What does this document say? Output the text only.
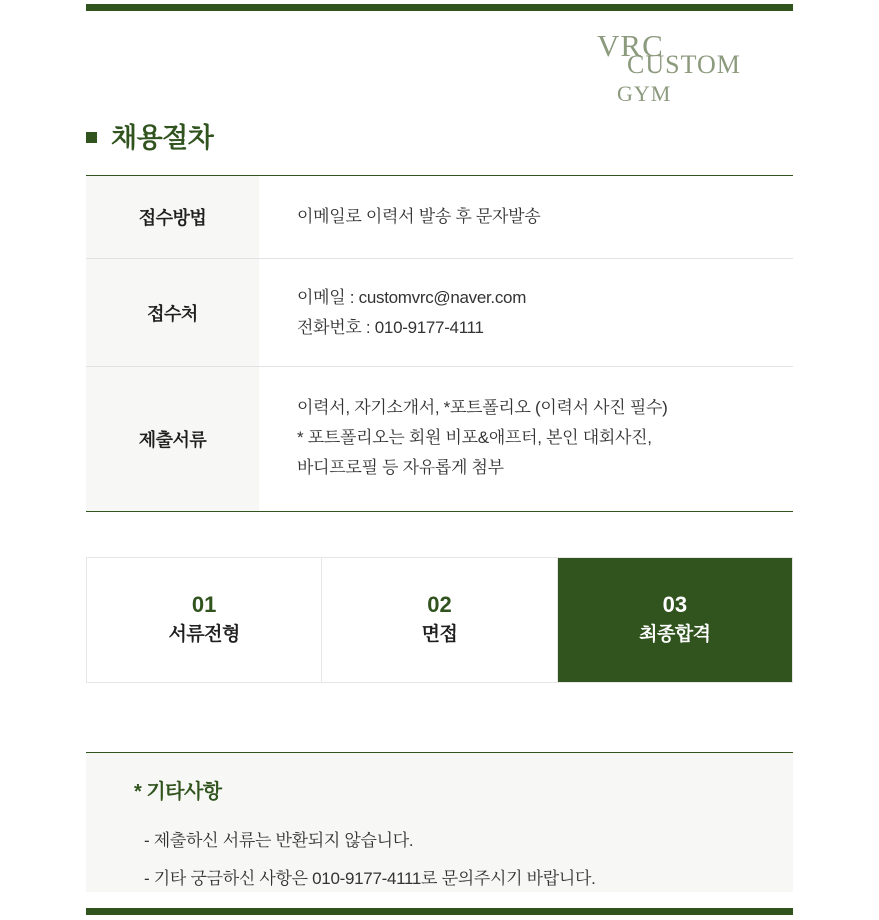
VRC
CUSTOM
GYM
채용절차
접수방법	이메일로 이력서 발송 후 문자발송
접수처
이메일 : customvrc@naver.com
전화번호 : 010-9177-4111
제출서류
이력서, 자기소개서, *포트폴리오 (이력서 사진 필수)
* 포트폴리오는 회원 비포&애프터, 본인 대회사진,
바디프로필 등 자유롭게 첨부
01
서류전형
02
면접
03
최종합격
* 기타사항
- 제출하신 서류는 반환되지 않습니다.
- 기타 궁금하신 사항은 010-9177-4111로 문의주시기 바랍니다.
